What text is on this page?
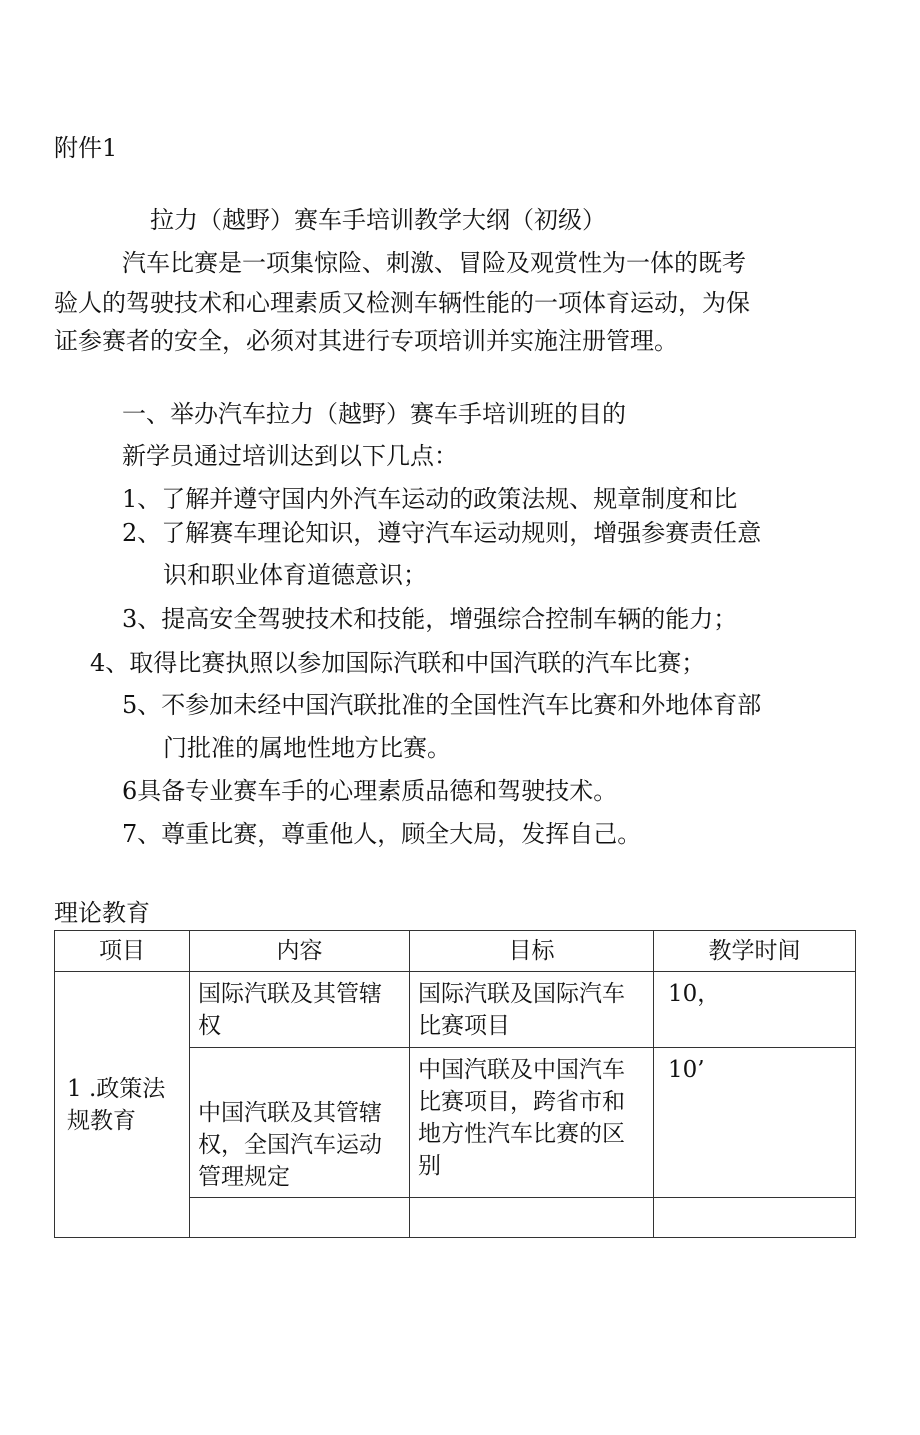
附件1
拉力（越野）赛车手培训教学大纲（初级）
汽车比赛是一项集惊险、刺激、冒险及观赏性为一体的既考
验人的驾驶技术和心理素质又检测车辆性能的一项体育运动，为保
证参赛者的安全，必须对其进行专项培训并实施注册管理。
一、举办汽车拉力（越野）赛车手培训班的目的
新学员通过培训达到以下几点：
1、了解并遵守国内外汽车运动的政策法规、规章制度和比
2、了解赛车理论知识，遵守汽车运动规则，增强参赛责任意
识和职业体育道德意识；
3、提高安全驾驶技术和技能，增强综合控制车辆的能力；
4、取得比赛执照以参加国际汽联和中国汽联的汽车比赛；
5、不参加未经中国汽联批准的全国性汽车比赛和外地体育部
门批准的属地性地方比赛。
6具备专业赛车手的心理素质品德和驾驶技术。
7、尊重比赛，尊重他人，顾全大局，发挥自己。
理论教育
项目	内容	目标	教学时间

1 .政策法规教育	国际汽联及其管辖权	国际汽联及国际汽车比赛项目	10，

	中国汽联及其管辖权，全国汽车运动管理规定	中国汽联及中国汽车比赛项目，跨省市和地方性汽车比赛的区别	10’
